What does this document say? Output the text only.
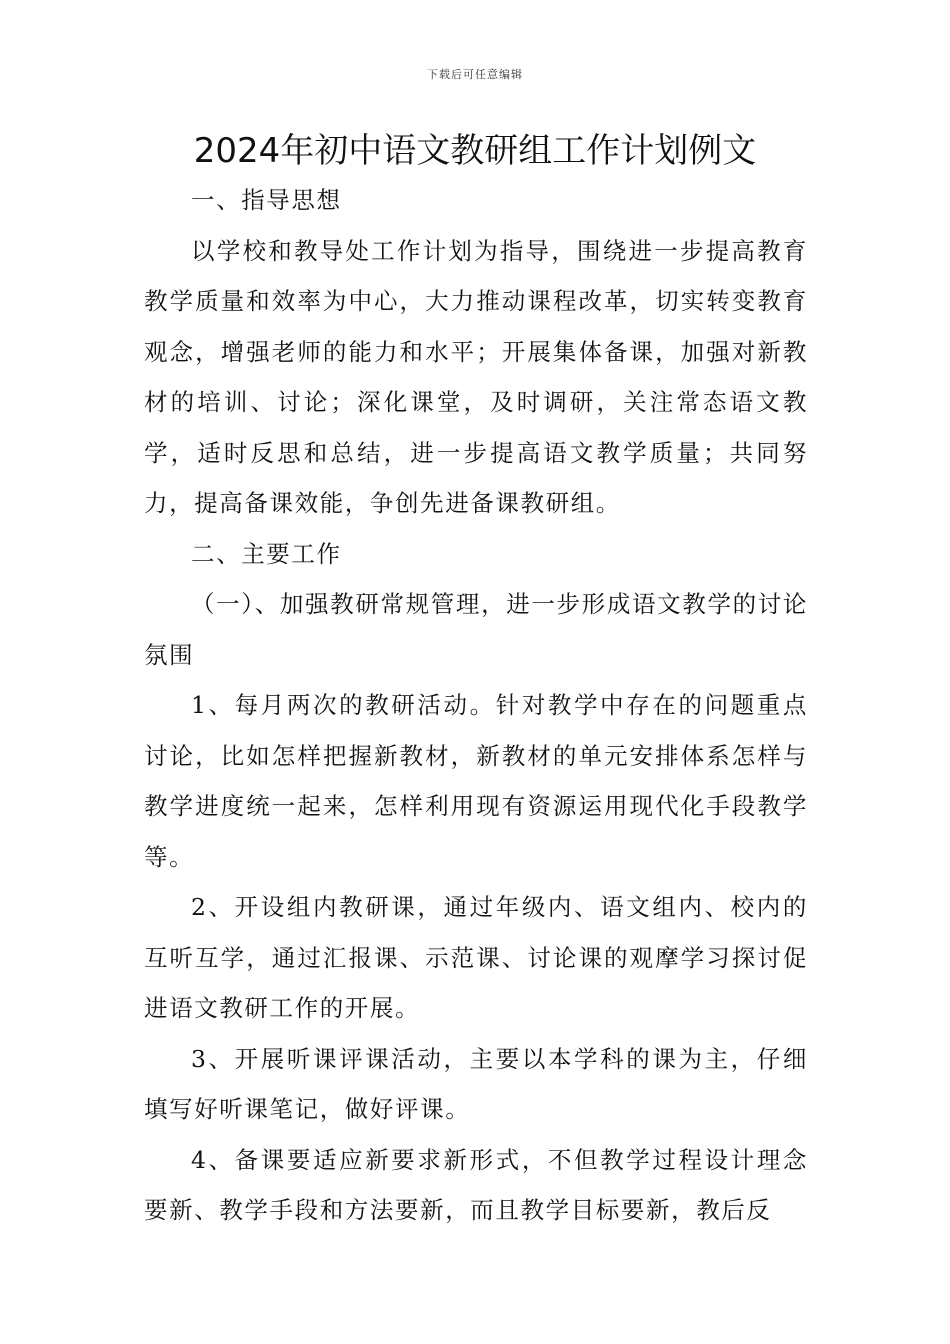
下载后可任意编辑
2024年初中语文教研组工作计划例文

一、指导思想

以学校和教导处工作计划为指导，围绕进一步提高教育教学质量和效率为中心，大力推动课程改革，切实转变教育观念，增强老师的能力和水平；开展集体备课，加强对新教材的培训、讨论；深化课堂，及时调研，关注常态语文教学，适时反思和总结，进一步提高语文教学质量；共同努力，提高备课效能，争创先进备课教研组。

二、主要工作

（一）、加强教研常规管理，进一步形成语文教学的讨论氛围

1、每月两次的教研活动。针对教学中存在的问题重点讨论，比如怎样把握新教材，新教材的单元安排体系怎样与教学进度统一起来，怎样利用现有资源运用现代化手段教学等。

2、开设组内教研课，通过年级内、语文组内、校内的互听互学，通过汇报课、示范课、讨论课的观摩学习探讨促进语文教研工作的开展。

3、开展听课评课活动，主要以本学科的课为主，仔细填写好听课笔记，做好评课。

4、备课要适应新要求新形式，不但教学过程设计理念要新、教学手段和方法要新，而且教学目标要新，教后反
